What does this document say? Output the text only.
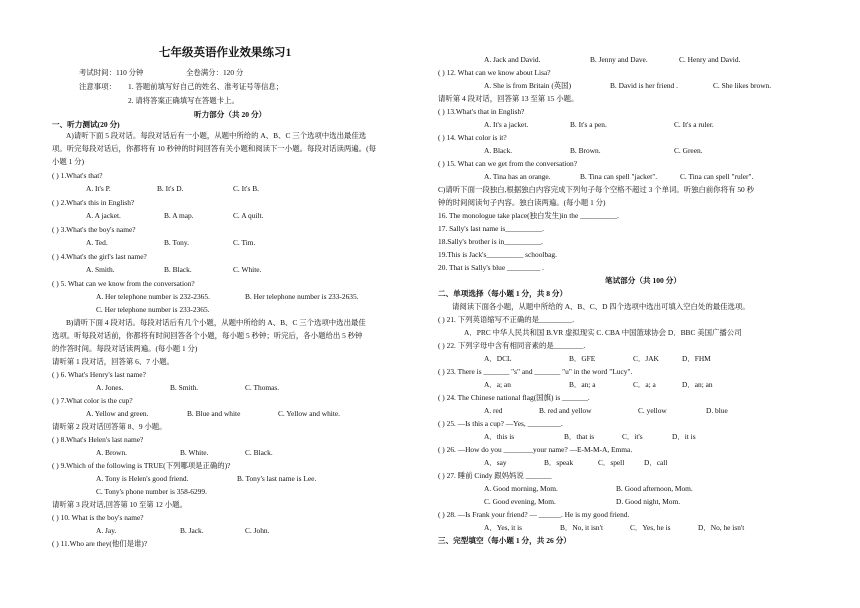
七年级英语作业效果练习1
考试时间：110 分钟	全卷满分：120 分
注意事项： 1. 答题前填写好自己的姓名、准考证号等信息；
2. 请将答案正确填写在答题卡上。
听力部分（共 20 分）
一、听力测试(20 分)
A)请听下面 5 段对话。每段对话后有一小题，从题中所给的 A、B、C 三个选项中选出最佳选
项。听完每段对话后，你都将有 10 秒钟的时间回答有关小题和阅读下一小题。每段对话读两遍。(每
小题 1 分)
( ) 1.What's that?
A. It's P.	B. It's D.	C. It's B.
( ) 2.What's this in English?
A. A jacket.	B. A map.	C. A quilt.
( ) 3.What's the boy's name?
A. Ted.	B. Tony.	C. Tim.
( ) 4.What's the girl's last name?
A. Smith.	B. Black.	C. White.
( ) 5. What can we know from the conversation?
A. Her telephone number is 232-2365.	B. Her telephone number is 233-2635.
C. Her telephone number is 233-2365.
B)请听下面 4 段对话。每段对话后有几个小题，从题中所给的 A、B、C 三个选项中选出最佳
选项。听每段对话前，你都将有时间回答各个小题，每小题 5 秒钟；听完后，各小题给出 5 秒钟
的作答时间。每段对话读两遍。(每小题 1 分)
请听第 1 段对话，回答第 6、7 小题。
( ) 6. What's Henry's last name?
A. Jones.	B. Smith.	C. Thomas.
( ) 7.What color is the cup?
A. Yellow and green.	B. Blue and white	C. Yellow and white.
请听第 2 段对话回答第 8、9 小题。
( ) 8.What's Helen's last name?
A. Brown.	B. White.	C. Black.
( ) 9.Which of the following is TRUE(下列哪项是正确的)?
A. Tony is Helen's good friend.	B. Tony's last name is Lee.
C. Tony's phone number is 358-6299.
请听第 3 段对话,回答第 10 至第 12 小题。
( ) 10. What is the boy's name?
A. Jay.	B. Jack.	C. John.
( ) 11.Who are they(他们是谁)?
A. Jack and David.	B. Jenny and Dave.	C. Henry and David.
( ) 12. What can we know about Lisa?
A. She is from Britain (英国)	B. David is her friend .	C. She likes brown.
请听第 4 段对话，回答第 13 至第 15 小题。
( ) 13.What's that in English?
A. It's a jacket.	B. It's a pen.	C. It's a ruler.
( ) 14. What color is it?
A. Black.	B. Brown.	C. Green.
( ) 15. What can we get from the conversation?
A. Tina has an orange.	B. Tina can spell "jacket".	C. Tina can spell "ruler".
C)请听下面一段独白,根据独白内容完成下列句子每个空格不超过 3 个单词。听独白前你将有 50 秒
钟的时间阅读句子内容。独白读两遍。(每小题 1 分)
16. The monologue take place(独白发生)in the __________.
17. Sally's last name is__________.
18.Sally's brother is in__________.
19.This is Jack's__________ schoolbag.
20. That is Sally's blue _________ .
笔试部分（共 100 分）
二、单项选择（每小题 1 分，共 8 分）
请阅读下面各小题，从题中所给的 A、B、C、D 四个选项中选出可填入空白处的最佳选项。
( ) 21. 下列英语缩写不正确的是_________.
A．PRC 中华人民共和国 B.VR 虚拟现实 C. CBA 中国篮球协会 D．BBC 美国广播公司
( ) 22. 下列字母中含有相同音素的是________.
A．DCL	B．GFE	C．JAK	D．FHM
( ) 23. There is _______ "s" and _______ "u" in the word "Lucy".
A．a; an	B．an; a	C．a; a	D．an; an
( ) 24. The Chinese national flag(国旗) is _______.
A. red	B. red and yellow	C. yellow	D. blue
( ) 25. —Is this a cup? —Yes, _________.
A．this is	B．that is	C．it's	D．it is
( ) 26. —How do you ________your name? —E-M-M-A, Emma.
A．say	B．speak	C．spell	D．call
( ) 27. 睡前 Cindy 跟妈妈说 _______
A. Good morning, Mom.	B. Good afternoon, Mom.
C. Good evening, Mom.	D. Good night, Mom.
( ) 28. —Is Frank your friend? — ______. He is my good friend.
A．Yes, it is	B．No, it isn't	C．Yes, he is	D．No, he isn't
三、完型填空（每小题 1 分，共 26 分）
